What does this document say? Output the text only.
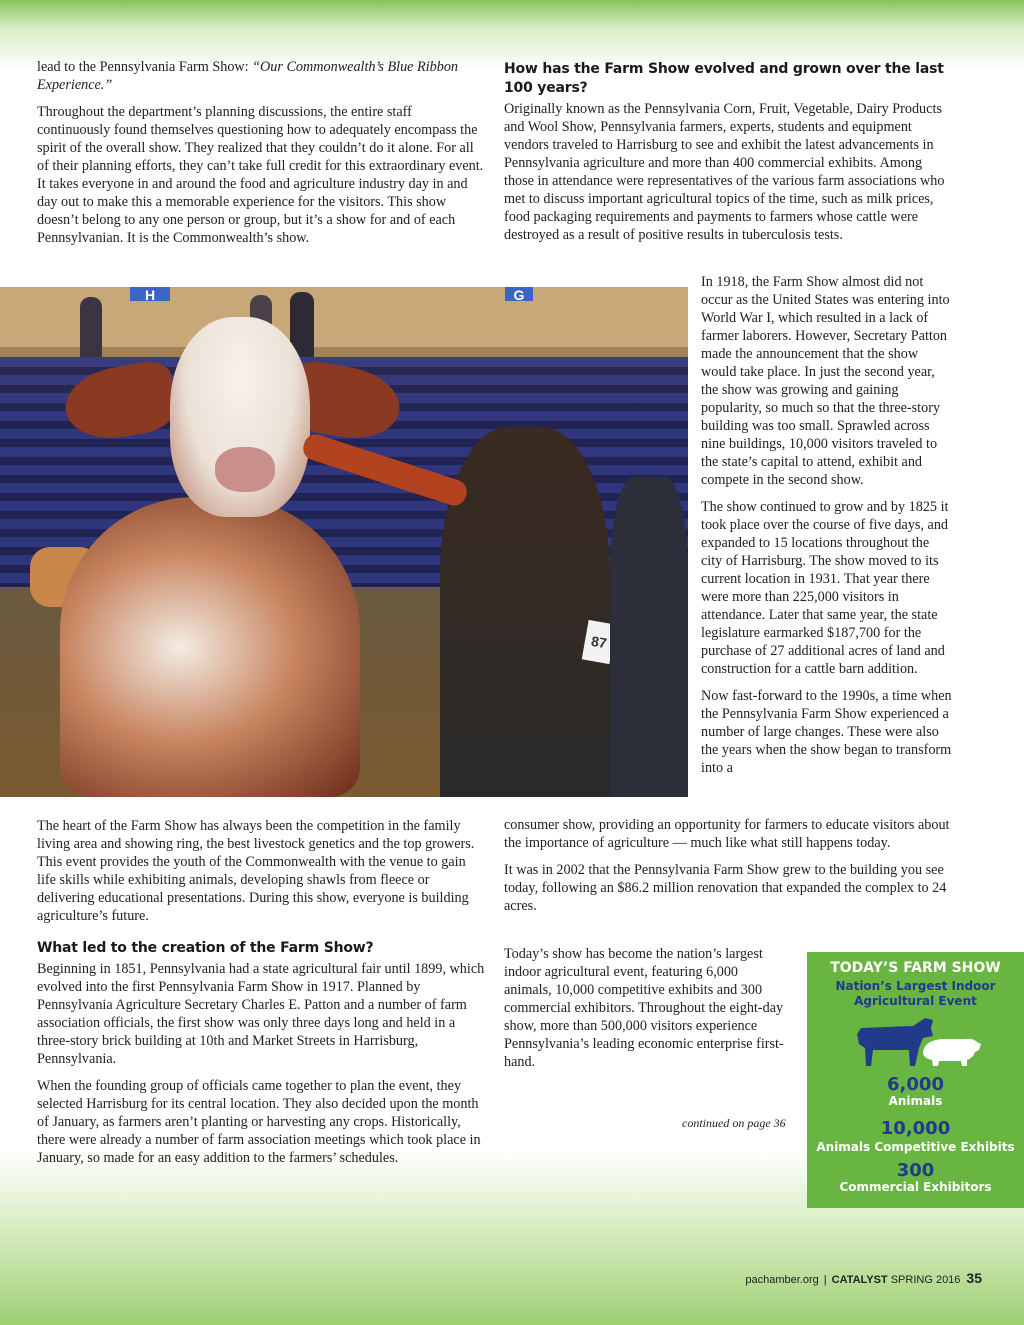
lead to the Pennsylvania Farm Show: “Our Commonwealth’s Blue Ribbon Experience.”

Throughout the department’s planning discussions, the entire staff continuously found themselves questioning how to adequately encompass the spirit of the overall show. They realized that they couldn’t do it alone. For all of their planning efforts, they can’t take full credit for this extraordinary event. It takes everyone in and around the food and agriculture industry day in and day out to make this a memorable experience for the visitors. This show doesn’t belong to any one person or group, but it’s a show for and of each Pennsylvanian. It is the Commonwealth’s show.

How has the Farm Show evolved and grown over the last 100 years?

Originally known as the Pennsylvania Corn, Fruit, Vegetable, Dairy Products and Wool Show, Pennsylvania farmers, experts, students and equipment vendors traveled to Harrisburg to see and exhibit the latest advancements in Pennsylvania agriculture and more than 400 commercial exhibits. Among those in attendance were representatives of the various farm associations who met to discuss important agricultural topics of the time, such as milk prices, food packaging requirements and payments to farmers whose cattle were destroyed as a result of positive results in tuberculosis tests.

H	G
87

In 1918, the Farm Show almost did not occur as the United States was entering into World War I, which resulted in a lack of farmer laborers. However, Secretary Patton made the announcement that the show would take place. In just the second year, the show was growing and gaining popularity, so much so that the three-story building was too small. Sprawled across nine buildings, 10,000 visitors traveled to the state’s capital to attend, exhibit and compete in the second show.

The show continued to grow and by 1825 it took place over the course of five days, and expanded to 15 locations throughout the city of Harrisburg. The show moved to its current location in 1931. That year there were more than 225,000 visitors in attendance. Later that same year, the state legislature earmarked $187,700 for the purchase of 27 additional acres of land and construction for a cattle barn addition.

Now fast-forward to the 1990s, a time when the Pennsylvania Farm Show experienced a number of large changes. These were also the years when the show began to transform into a

consumer show, providing an opportunity for farmers to educate visitors about the importance of agriculture — much like what still happens today.

It was in 2002 that the Pennsylvania Farm Show grew to the building you see today, following an $86.2 million renovation that expanded the complex to 24 acres.

Today’s show has become the nation’s largest indoor agricultural event, featuring 6,000 animals, 10,000 competitive exhibits and 300 commercial exhibitors. Throughout the eight-day show, more than 500,000 visitors experience Pennsylvania’s leading economic enterprise first-hand.

continued on page 36

The heart of the Farm Show has always been the competition in the family living area and showing ring, the best livestock genetics and the top growers. This event provides the youth of the Commonwealth with the venue to gain life skills while exhibiting animals, developing shawls from fleece or delivering educational presentations. During this show, everyone is building agriculture’s future.

What led to the creation of the Farm Show?

Beginning in 1851, Pennsylvania had a state agricultural fair until 1899, which evolved into the first Pennsylvania Farm Show in 1917. Planned by Pennsylvania Agriculture Secretary Charles E. Patton and a number of farm association officials, the first show was only three days long and held in a three-story brick building at 10th and Market Streets in Harrisburg, Pennsylvania.

When the founding group of officials came together to plan the event, they selected Harrisburg for its central location. They also decided upon the month of January, as farmers aren’t planting or harvesting any crops. Historically, there were already a number of farm association meetings which took place in January, so made for an easy addition to the farmers’ schedules.

TODAY’S FARM SHOW
Nation’s Largest Indoor Agricultural Event
6,000
Animals
10,000
Animals Competitive Exhibits
300
Commercial Exhibitors
pachamber.org | CATALYST SPRING 2016 35
